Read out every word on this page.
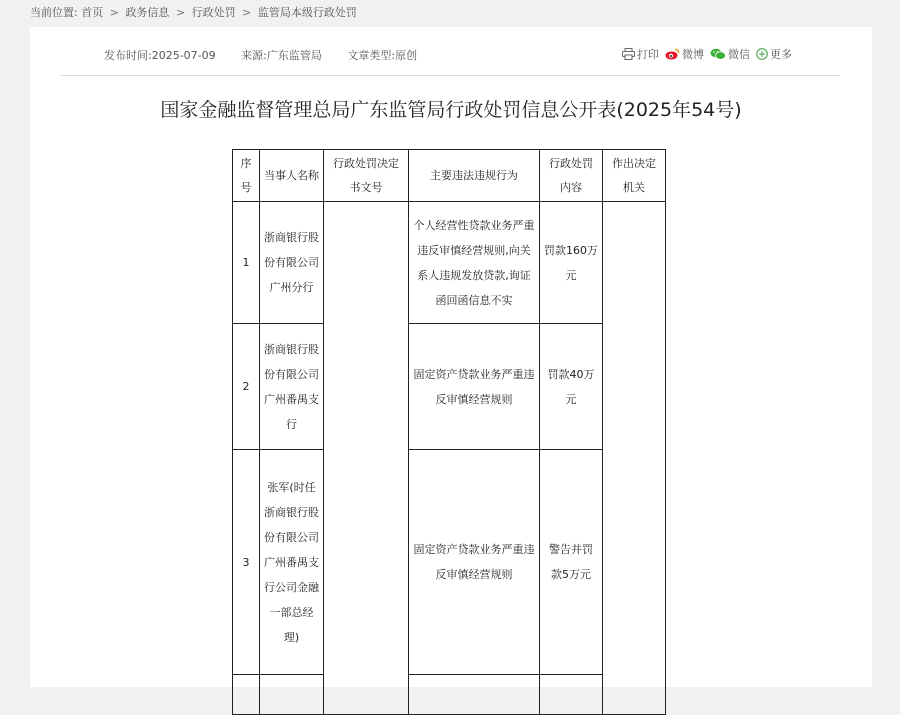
当前位置: 首页 > 政务信息 > 行政处罚 > 监管局本级行政处罚
发布时间:2025-07-09 来源:广东监管局 文章类型:原创	打印 微博 微信 更多
国家金融监督管理总局广东监管局行政处罚信息公开表(2025年54号)
序号	当事人名称	行政处罚决定书文号	主要违法违规行为	行政处罚内容	作出决定机关
1	浙商银行股份有限公司广州分行		个人经营性贷款业务严重违反审慎经营规则,向关系人违规发放贷款,询证函回函信息不实	罚款160万元	
2	浙商银行股份有限公司广州番禺支行		固定资产贷款业务严重违反审慎经营规则	罚款40万元	
3	张军(时任浙商银行股份有限公司广州番禺支行公司金融一部总经理)		固定资产贷款业务严重违反审慎经营规则	警告并罚款5万元	
